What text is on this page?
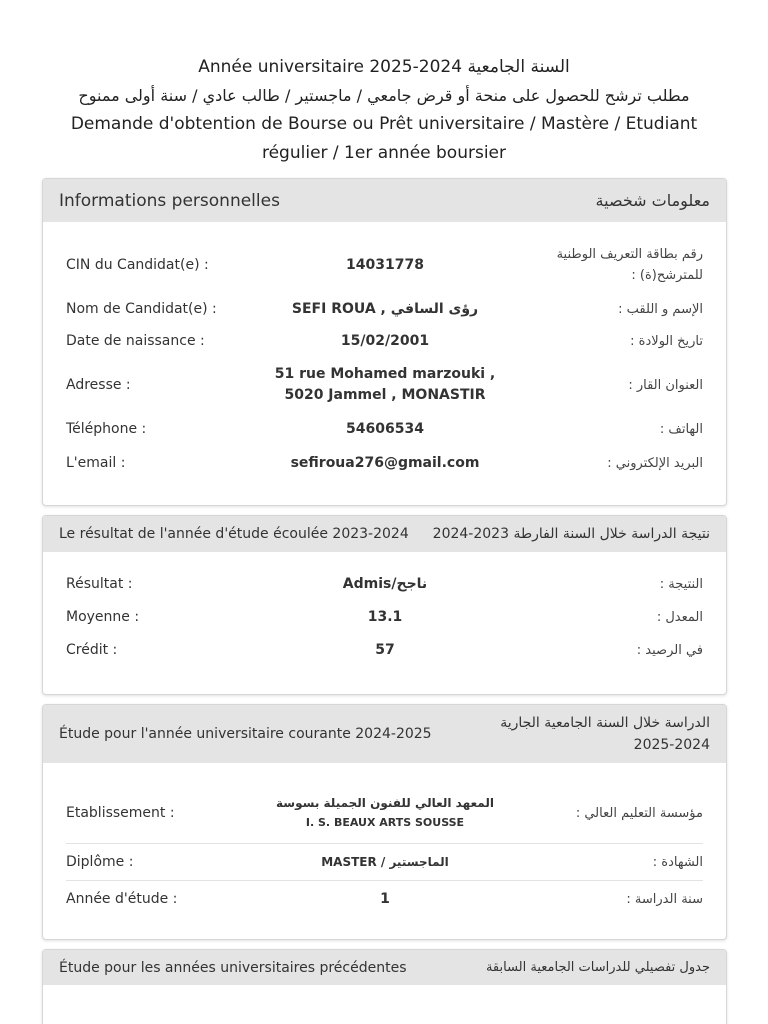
Année universitaire 2025-2024 السنة الجامعية
مطلب ترشح للحصول على منحة أو قرض جامعي / ماجستير / طالب عادي / سنة أولى ممنوح
Demande d'obtention de Bourse ou Prêt universitaire / Mastère / Etudiant régulier / 1er année boursier
Informations personnelles	معلومات شخصية
CIN du Candidat(e) :	14031778
رقم بطاقة التعريف الوطنية للمترشح(ة) :
Nom de Candidat(e) :	SEFI ROUA , رؤى السافي	الإسم و اللقب :
Date de naissance :	15/02/2001	تاريخ الولادة :
Adresse :
51 rue Mohamed marzouki , 5020 Jammel , MONASTIR
العنوان القار :
Téléphone :	54606534	الهاتف :
L'email :	sefiroua276@gmail.com	البريد الإلكتروني :
Le résultat de l'année d'étude écoulée 2023-2024 نتيجة الدراسة خلال السنة الفارطة 2023-2024
Résultat :	Admis/ناجح	النتيجة :
Moyenne :	13.1	المعدل :
Crédit :	57	في الرصيد :
Étude pour l'année universitaire courante 2024-2025
الدراسة خلال السنة الجامعية الجارية 2024-2025
Etablissement :
المعهد العالي للفنون الجميلة بسوسة
I. S. BEAUX ARTS SOUSSE
مؤسسة التعليم العالي :
Diplôme :	MASTER / الماجستير	الشهادة :
Année d'étude :	1	سنة الدراسة :
Étude pour les années universitaires précédentes	جدول تفصيلي للدراسات الجامعية السابقة
